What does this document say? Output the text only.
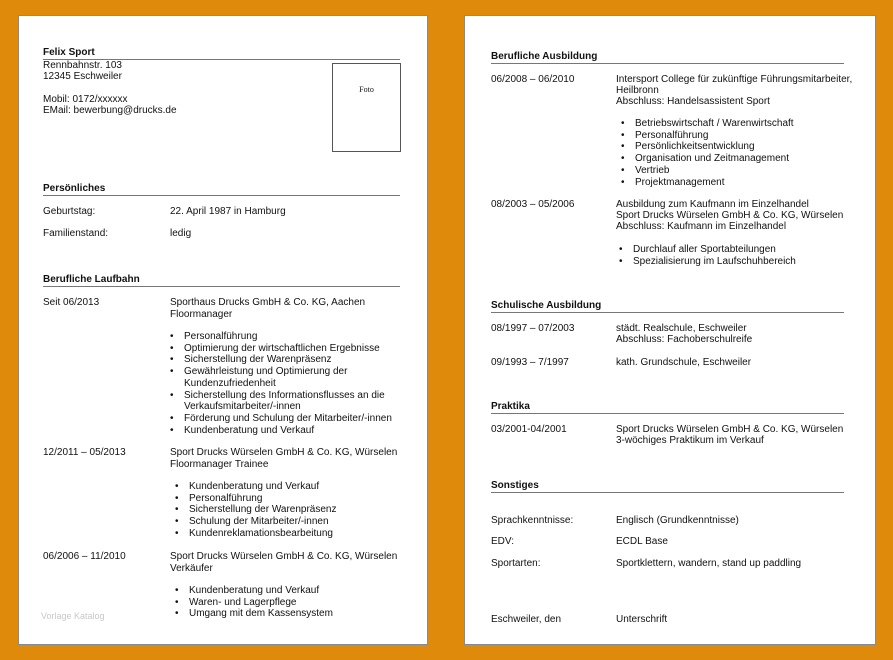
Felix Sport
Rennbahnstr. 103
12345 Eschweiler
Mobil: 0172/xxxxxx
EMail: bewerbung@drucks.de
Foto
Persönliches
Geburtstag:	22. April 1987 in Hamburg
Familienstand:	ledig
Berufliche Laufbahn
Seit 06/2013	Sporthaus Drucks GmbH & Co. KG, Aachen
Floormanager
• Personalführung
• Optimierung der wirtschaftlichen Ergebnisse
• Sicherstellung der Warenpräsenz
• Gewährleistung und Optimierung der Kundenzufriedenheit
• Sicherstellung des Informationsflusses an die Verkaufsmitarbeiter/-innen
• Förderung und Schulung der Mitarbeiter/-innen
• Kundenberatung und Verkauf
12/2011 – 05/2013	Sport Drucks Würselen GmbH & Co. KG, Würselen
Floormanager Trainee
• Kundenberatung und Verkauf
• Personalführung
• Sicherstellung der Warenpräsenz
• Schulung der Mitarbeiter/-innen
• Kundenreklamationsbearbeitung
06/2006 – 11/2010	Sport Drucks Würselen GmbH & Co. KG, Würselen
Verkäufer
• Kundenberatung und Verkauf
• Waren- und Lagerpflege
• Umgang mit dem Kassensystem
Vorlage Katalog
Berufliche Ausbildung
06/2008 – 06/2010	Intersport College für zukünftige Führungsmitarbeiter,
Heilbronn
Abschluss: Handelsassistent Sport
• Betriebswirtschaft / Warenwirtschaft
• Personalführung
• Persönlichkeitsentwicklung
• Organisation und Zeitmanagement
• Vertrieb
• Projektmanagement
08/2003 – 05/2006	Ausbildung zum Kaufmann im Einzelhandel
Sport Drucks Würselen GmbH & Co. KG, Würselen
Abschluss: Kaufmann im Einzelhandel
• Durchlauf aller Sportabteilungen
• Spezialisierung im Laufschuhbereich
Schulische Ausbildung
08/1997 – 07/2003	städt. Realschule, Eschweiler
Abschluss: Fachoberschulreife
09/1993 – 7/1997	kath. Grundschule, Eschweiler
Praktika
03/2001-04/2001	Sport Drucks Würselen GmbH & Co. KG, Würselen
3-wöchiges Praktikum im Verkauf
Sonstiges
Sprachkenntnisse:	Englisch (Grundkenntnisse)
EDV:	ECDL Base
Sportarten:	Sportklettern, wandern, stand up paddling
Eschweiler, den	Unterschrift
